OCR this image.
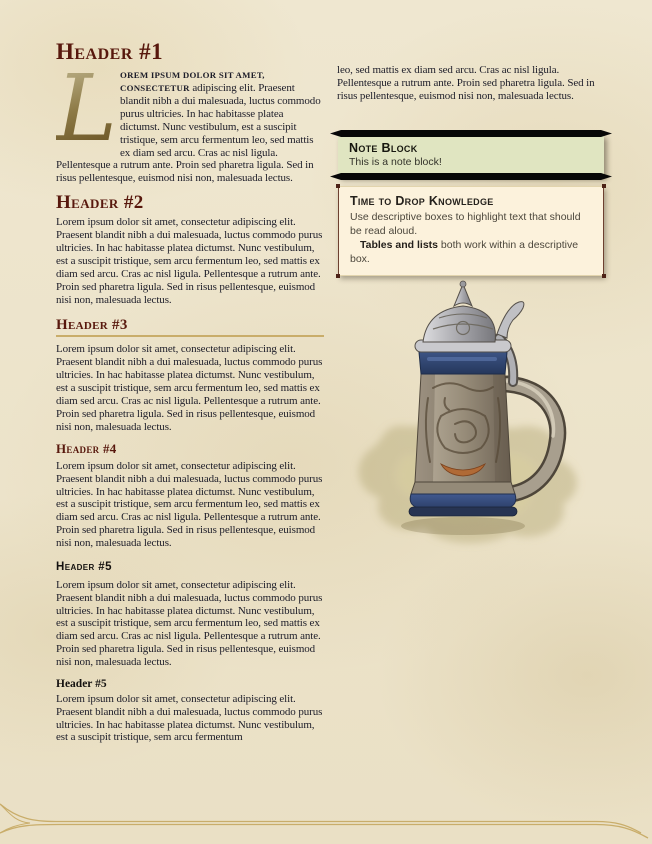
Header #1

L OREM IPSUM DOLOR SIT AMET, CONSECTETUR adipiscing elit. Praesent blandit nibh a dui malesuada, luctus commodo purus ultricies. In hac habitasse platea dictumst. Nunc vestibulum, est a suscipit tristique, sem arcu fermentum leo, sed mattis ex diam sed arcu. Cras ac nisl ligula. Pellentesque a rutrum ante. Proin sed pharetra ligula. Sed in risus pellentesque, euismod nisi non, malesuada lectus.

Header #2

Lorem ipsum dolor sit amet, consectetur adipiscing elit. Praesent blandit nibh a dui malesuada, luctus commodo purus ultricies. In hac habitasse platea dictumst. Nunc vestibulum, est a suscipit tristique, sem arcu fermentum leo, sed mattis ex diam sed arcu. Cras ac nisl ligula. Pellentesque a rutrum ante. Proin sed pharetra ligula. Sed in risus pellentesque, euismod nisi non, malesuada lectus.

Header #3

Lorem ipsum dolor sit amet, consectetur adipiscing elit. Praesent blandit nibh a dui malesuada, luctus commodo purus ultricies. In hac habitasse platea dictumst. Nunc vestibulum, est a suscipit tristique, sem arcu fermentum leo, sed mattis ex diam sed arcu. Cras ac nisl ligula. Pellentesque a rutrum ante. Proin sed pharetra ligula. Sed in risus pellentesque, euismod nisi non, malesuada lectus.

Header #4

Lorem ipsum dolor sit amet, consectetur adipiscing elit. Praesent blandit nibh a dui malesuada, luctus commodo purus ultricies. In hac habitasse platea dictumst. Nunc vestibulum, est a suscipit tristique, sem arcu fermentum leo, sed mattis ex diam sed arcu. Cras ac nisl ligula. Pellentesque a rutrum ante. Proin sed pharetra ligula. Sed in risus pellentesque, euismod nisi non, malesuada lectus.

Header #5

Lorem ipsum dolor sit amet, consectetur adipiscing elit. Praesent blandit nibh a dui malesuada, luctus commodo purus ultricies. In hac habitasse platea dictumst. Nunc vestibulum, est a suscipit tristique, sem arcu fermentum leo, sed mattis ex diam sed arcu. Cras ac nisl ligula. Pellentesque a rutrum ante. Proin sed pharetra ligula. Sed in risus pellentesque, euismod nisi non, malesuada lectus.

Header #5

Lorem ipsum dolor sit amet, consectetur adipiscing elit. Praesent blandit nibh a dui malesuada, luctus commodo purus ultricies. In hac habitasse platea dictumst. Nunc vestibulum, est a suscipit tristique, sem arcu fermentum

leo, sed mattis ex diam sed arcu. Cras ac nisl ligula. Pellentesque a rutrum ante. Proin sed pharetra ligula. Sed in risus pellentesque, euismod nisi non, malesuada lectus.

Note Block
This is a note block!
Time to Drop Knowledge

Use descriptive boxes to highlight text that should be read aloud.

Tables and lists both work within a descriptive box.
